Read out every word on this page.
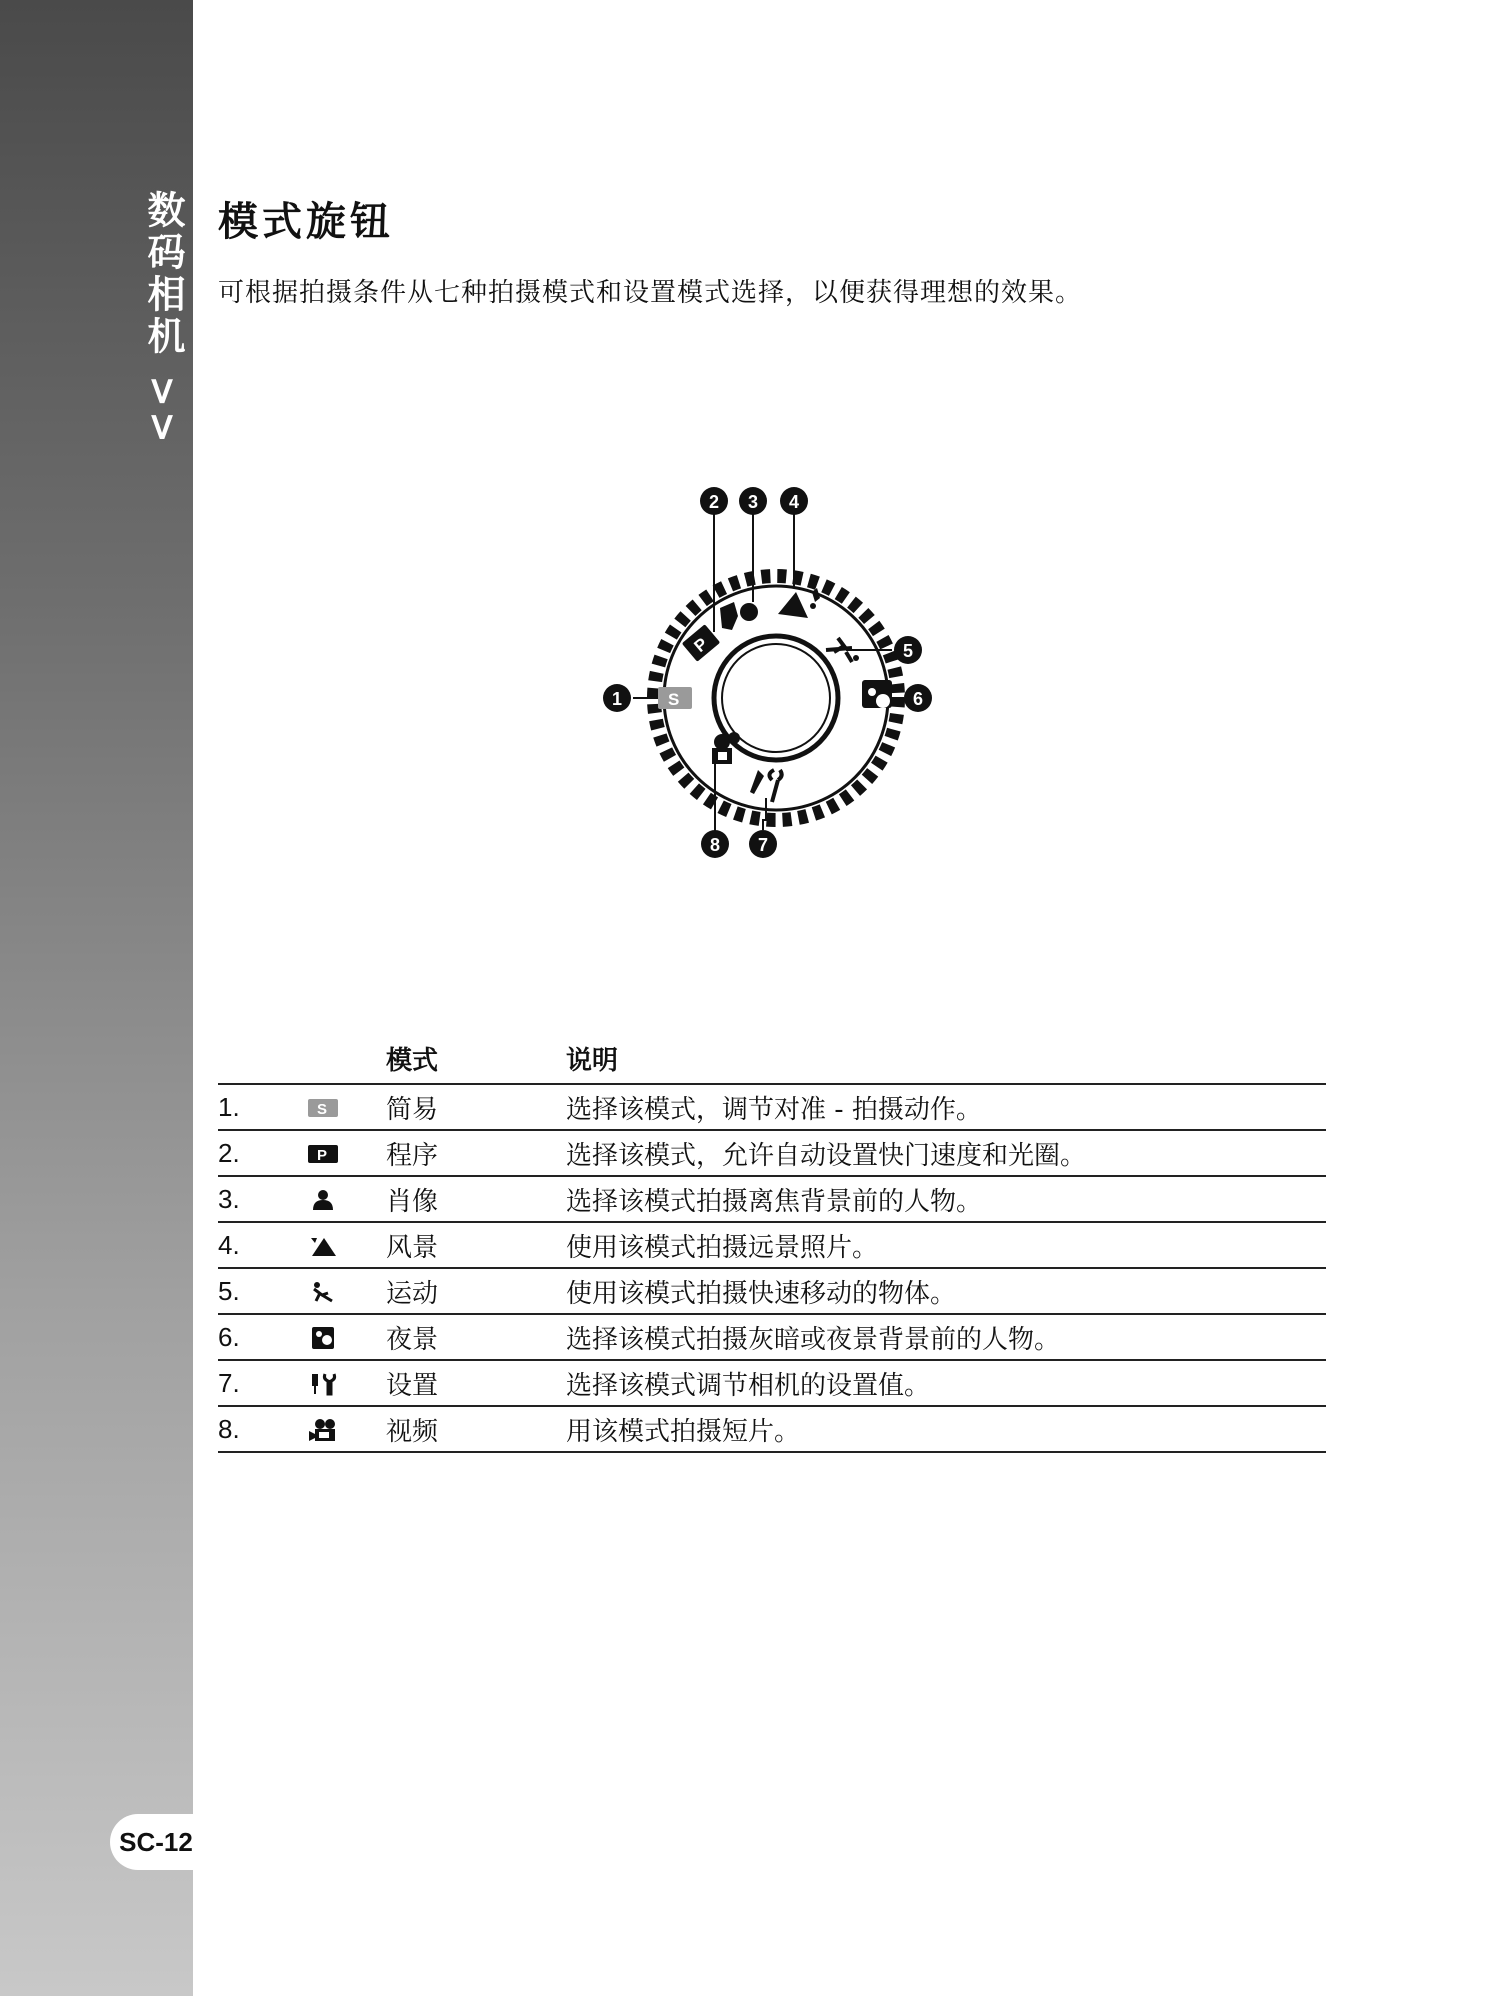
数码相机 >>
SC-12
模式旋钮

可根据拍摄条件从七种拍摄模式和设置模式选择，以便获得理想的效果。

S
P
1
2 3 4
5
6
7
8
		模式	说明
1.	S	简易	选择该模式，调节对准 - 拍摄动作。
2.	P	程序	选择该模式，允许自动设置快门速度和光圈。
3.		肖像	选择该模式拍摄离焦背景前的人物。
4.		风景	使用该模式拍摄远景照片。
5.		运动	使用该模式拍摄快速移动的物体。
6.		夜景	选择该模式拍摄灰暗或夜景背景前的人物。
7.		设置	选择该模式调节相机的设置值。
8.		视频	用该模式拍摄短片。
